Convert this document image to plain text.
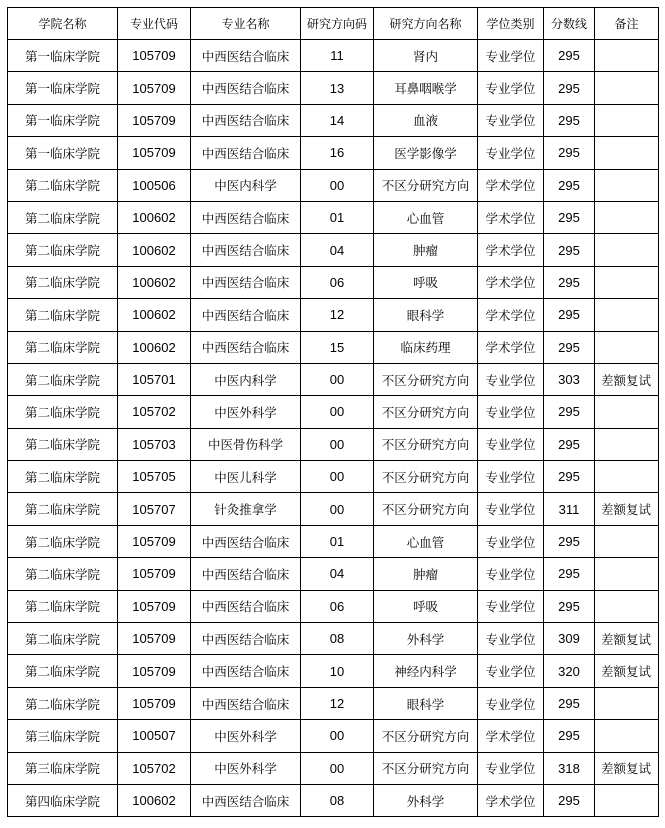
学院名称	专业代码	专业名称	研究方向码	研究方向名称	学位类别	分数线	备注
第一临床学院	105709	中西医结合临床	11	肾内	专业学位	295	
第一临床学院	105709	中西医结合临床	13	耳鼻咽喉学	专业学位	295	
第一临床学院	105709	中西医结合临床	14	血液	专业学位	295	
第一临床学院	105709	中西医结合临床	16	医学影像学	专业学位	295	
第二临床学院	100506	中医内科学	00	不区分研究方向	学术学位	295	
第二临床学院	100602	中西医结合临床	01	心血管	学术学位	295	
第二临床学院	100602	中西医结合临床	04	肿瘤	学术学位	295	
第二临床学院	100602	中西医结合临床	06	呼吸	学术学位	295	
第二临床学院	100602	中西医结合临床	12	眼科学	学术学位	295	
第二临床学院	100602	中西医结合临床	15	临床药理	学术学位	295	
第二临床学院	105701	中医内科学	00	不区分研究方向	专业学位	303	差额复试
第二临床学院	105702	中医外科学	00	不区分研究方向	专业学位	295	
第二临床学院	105703	中医骨伤科学	00	不区分研究方向	专业学位	295	
第二临床学院	105705	中医儿科学	00	不区分研究方向	专业学位	295	
第二临床学院	105707	针灸推拿学	00	不区分研究方向	专业学位	311	差额复试
第二临床学院	105709	中西医结合临床	01	心血管	专业学位	295	
第二临床学院	105709	中西医结合临床	04	肿瘤	专业学位	295	
第二临床学院	105709	中西医结合临床	06	呼吸	专业学位	295	
第二临床学院	105709	中西医结合临床	08	外科学	专业学位	309	差额复试
第二临床学院	105709	中西医结合临床	10	神经内科学	专业学位	320	差额复试
第二临床学院	105709	中西医结合临床	12	眼科学	专业学位	295	
第三临床学院	100507	中医外科学	00	不区分研究方向	学术学位	295	
第三临床学院	105702	中医外科学	00	不区分研究方向	专业学位	318	差额复试
第四临床学院	100602	中西医结合临床	08	外科学	学术学位	295	
